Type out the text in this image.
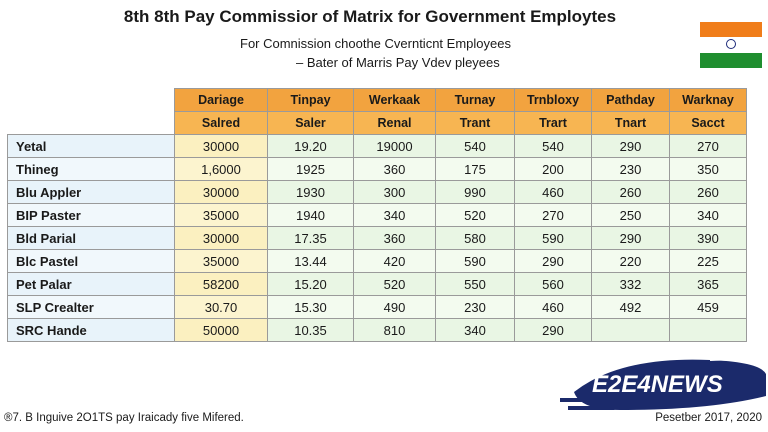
8th 8th Pay Commissior of Matrix for Government Employtes
For Comnission choothe Cvernticnt Employees
– Bater of Marris Pay Vdev pleyees
		Dariage	Tinpay	Werkaak	Turnay	Trnbloxy	Pathday	Warknay
		Salred	Saler	Renal	Trant	Trart	Tnart	Sacct
Yetal		30000	19.20	19000	540	540	290	270
Thineg		1,6000	1925	360	175	200	230	350
Blu Appler		30000	1930	300	990	460	260	260
BIP Paster		35000	1940	340	520	270	250	340
Bld Parial		30000	17.35	360	580	590	290	390
Blc Pastel		35000	13.44	420	590	290	220	225
Pet Palar		58200	15.20	520	550	560	332	365
SLP Crealter		30.70	15.30	490	230	460	492	459
SRC Hande		50000	10.35	810	340	290		
®7. B Inguive 2O1TS pay Iraicady five Mifered.	Pesetber 2017, 2020
E2E4NEWS
